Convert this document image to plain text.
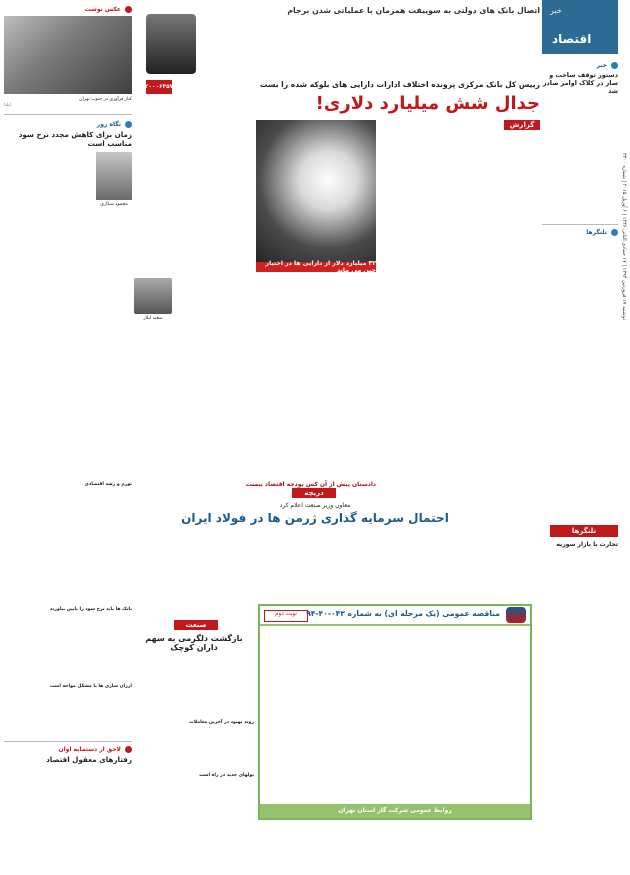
دوشنبه ۱۷ فروردین ۱۳۹۴ | ۱۷ جمادی الثانی ۱۴۳۶ | ۶ آوریل ۲۰۱۵ | شماره ۳۳۰۰
خبر
اقتصاد
خبر
دستور توقف ساخت و ساز در کلاک اوامر صادر شد
تلنگرها
تلنگرها
تجارت با بازار سوریه
اتصال بانک های دولتی به سوییفت همزمان با عملیاتی شدن برجام
رییس کل بانک مرکزی پرونده اختلاف ادارات دارایی های بلوکه شده را بست
جدال شش میلیارد دلاری!
۲۲۰۰۰۶۳۵۷۵
گزارش
۳۲ میلیارد دلار از دارایی ها در اختیار چین می ماند
سعید لیلاز
دادستان پیش از آن کس بودجه اقتصاد بیست
عکس نوشت
کنار فرآوری در جنوب تهران
ایلنا
نگاه روز
زمان برای کاهش مجدد نرخ سود مناسب است
محمود شکاری
تورم و رشد اقتصادی
بانک ها باید نرخ سود را پایین بیاورند
ارزان سازی ها با مشکل مواجه است
لاحق از دستمایه اوان
رفتارهای معقول اقتصاد
دریچه
معاون وزیر صنعت اعلام کرد
احتمال سرمایه گذاری ژرمن ها در فولاد ایران
صنعت
بازگشت دلگرمی به سهم داران کوچک
روند بهبود در آخرین معاملات
پولهای جدید در راه است
مناقصه عمومی (یک مرحله ای) به شماره ۰۴۳-۴۰-۹۴
نوبت دوم
روابط عمومی شرکت گاز استان تهران
